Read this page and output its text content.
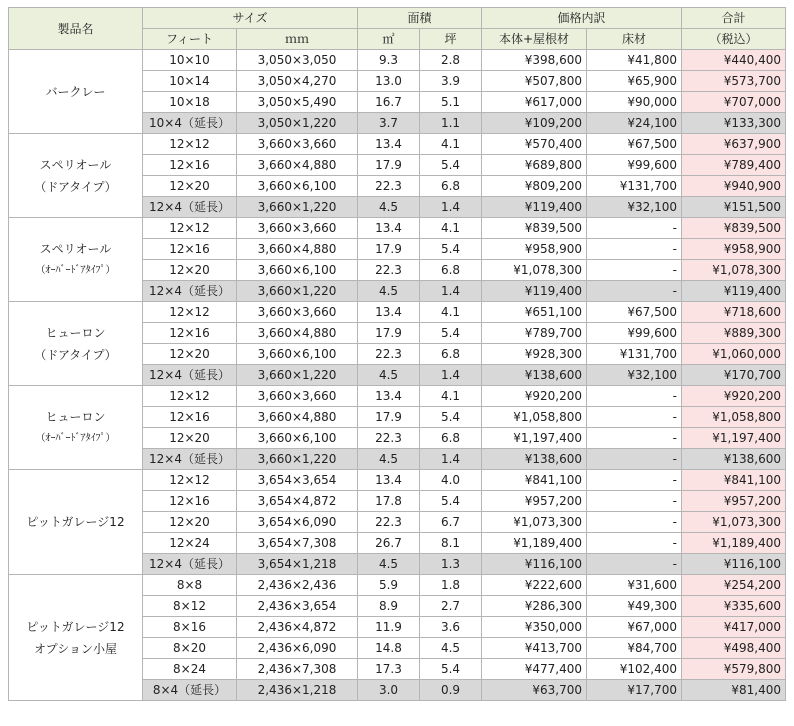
製品名	サイズ		面積		価格内訳		合計
	フィート	ｍｍ	㎡	坪	本体+屋根材	床材	（税込）

バークレー	10×10	3,050×3,050	9.3	2.8	¥398,600	¥41,800	¥440,400
	10×14	3,050×4,270	13.0	3.9	¥507,800	¥65,900	¥573,700
	10×18	3,050×5,490	16.7	5.1	¥617,000	¥90,000	¥707,000
	10×4（延長）	3,050×1,220	3.7	1.1	¥109,200	¥24,100	¥133,300

スペリオール
（ドアタイプ）	12×12	3,660×3,660	13.4	4.1	¥570,400	¥67,500	¥637,900
	12×16	3,660×4,880	17.9	5.4	¥689,800	¥99,600	¥789,400
	12×20	3,660×6,100	22.3	6.8	¥809,200	¥131,700	¥940,900
	12×4（延長）	3,660×1,220	4.5	1.4	¥119,400	¥32,100	¥151,500

スペリオール
（ｵｰﾊﾞｰﾄﾞｱﾀｲﾌﾟ）	12×12	3,660×3,660	13.4	4.1	¥839,500	-	¥839,500
	12×16	3,660×4,880	17.9	5.4	¥958,900	-	¥958,900
	12×20	3,660×6,100	22.3	6.8	¥1,078,300	-	¥1,078,300
	12×4（延長）	3,660×1,220	4.5	1.4	¥119,400	-	¥119,400

ヒューロン
（ドアタイプ）	12×12	3,660×3,660	13.4	4.1	¥651,100	¥67,500	¥718,600
	12×16	3,660×4,880	17.9	5.4	¥789,700	¥99,600	¥889,300
	12×20	3,660×6,100	22.3	6.8	¥928,300	¥131,700	¥1,060,000
	12×4（延長）	3,660×1,220	4.5	1.4	¥138,600	¥32,100	¥170,700

ヒューロン
（ｵｰﾊﾞｰﾄﾞｱﾀｲﾌﾟ）	12×12	3,660×3,660	13.4	4.1	¥920,200	-	¥920,200
	12×16	3,660×4,880	17.9	5.4	¥1,058,800	-	¥1,058,800
	12×20	3,660×6,100	22.3	6.8	¥1,197,400	-	¥1,197,400
	12×4（延長）	3,660×1,220	4.5	1.4	¥138,600	-	¥138,600

ピットガレージ12	12×12	3,654×3,654	13.4	4.0	¥841,100	-	¥841,100
	12×16	3,654×4,872	17.8	5.4	¥957,200	-	¥957,200
	12×20	3,654×6,090	22.3	6.7	¥1,073,300	-	¥1,073,300
	12×24	3,654×7,308	26.7	8.1	¥1,189,400	-	¥1,189,400
	12×4（延長）	3,654×1,218	4.5	1.3	¥116,100	-	¥116,100

ピットガレージ12
オプション小屋	8×8	2,436×2,436	5.9	1.8	¥222,600	¥31,600	¥254,200
	8×12	2,436×3,654	8.9	2.7	¥286,300	¥49,300	¥335,600
	8×16	2,436×4,872	11.9	3.6	¥350,000	¥67,000	¥417,000
	8×20	2,436×6,090	14.8	4.5	¥413,700	¥84,700	¥498,400
	8×24	2,436×7,308	17.3	5.4	¥477,400	¥102,400	¥579,800
	8×4（延長）	2,436×1,218	3.0	0.9	¥63,700	¥17,700	¥81,400
